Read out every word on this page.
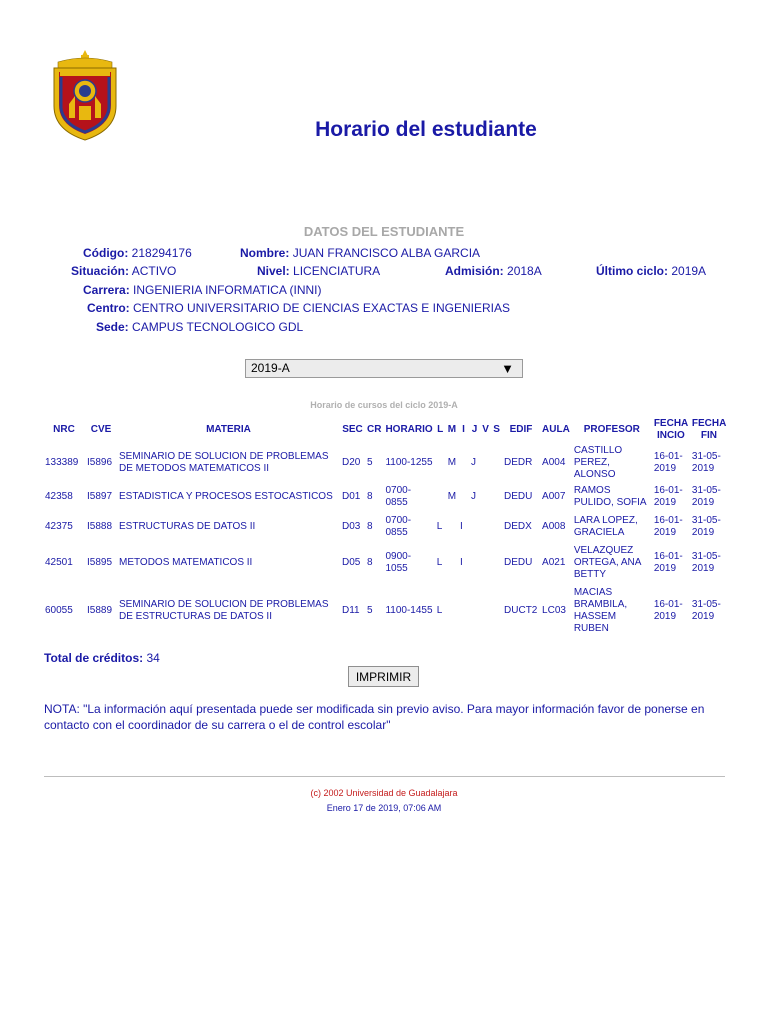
Horario del estudiante
DATOS DEL ESTUDIANTE
Código: 218294176	Nombre: JUAN FRANCISCO ALBA GARCIA
Situación: ACTIVO	Nivel: LICENCIATURA	Admisión: 2018A	Último ciclo: 2019A
Carrera: INGENIERIA INFORMATICA (INNI)
Centro: CENTRO UNIVERSITARIO DE CIENCIAS EXACTAS E INGENIERIAS
Sede: CAMPUS TECNOLOGICO GDL
2019-A	▼
Horario de cursos del ciclo 2019-A
NRC	CVE	MATERIA	SEC	CR	HORARIO	L	M	I	J	V	S	EDIF	AULA	PROFESOR	FECHA INCIO	FECHA FIN
133389	I5896	SEMINARIO DE SOLUCION DE PROBLEMAS DE METODOS MATEMATICOS II	D20	5	1100-1255		M		J			DEDR	A004	CASTILLO PEREZ, ALONSO	16-01-2019	31-05-2019
42358	I5897	ESTADISTICA Y PROCESOS ESTOCASTICOS	D01	8	0700-0855		M		J			DEDU	A007	RAMOS PULIDO, SOFIA	16-01-2019	31-05-2019
42375	I5888	ESTRUCTURAS DE DATOS II	D03	8	0700-0855	L		I				DEDX	A008	LARA LOPEZ, GRACIELA	16-01-2019	31-05-2019
42501	I5895	METODOS MATEMATICOS II	D05	8	0900-1055	L		I				DEDU	A021	VELAZQUEZ ORTEGA, ANA BETTY	16-01-2019	31-05-2019
60055	I5889	SEMINARIO DE SOLUCION DE PROBLEMAS DE ESTRUCTURAS DE DATOS II	D11	5	1100-1455	L						DUCT2	LC03	MACIAS BRAMBILA, HASSEM RUBEN	16-01-2019	31-05-2019
Total de créditos: 34
IMPRIMIR
NOTA: "La información aquí presentada puede ser modificada sin previo aviso. Para mayor información favor de ponerse en contacto con el coordinador de su carrera o el de control escolar"
(c) 2002 Universidad de Guadalajara
Enero 17 de 2019, 07:06 AM
